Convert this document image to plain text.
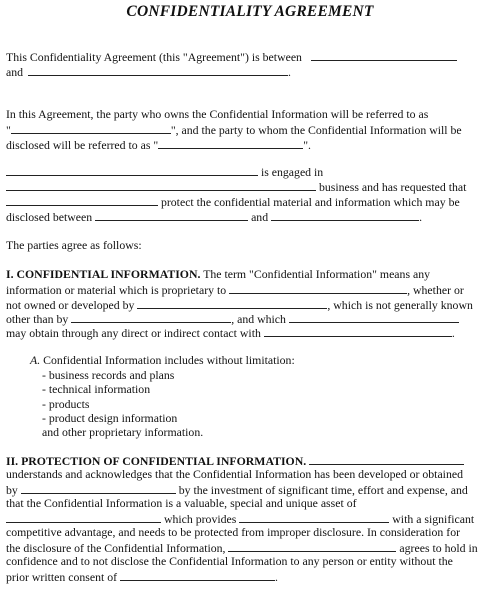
CONFIDENTIALITY AGREEMENT
This Confidentiality Agreement (this "Agreement") is between
and	.
In this Agreement, the party who owns the Confidential Information will be referred to as
"	", and the party to whom the Confidential Information will be
disclosed will be referred to as "	".
is engaged in
business and has requested that
protect the confidential material and information which may be
disclosed between	and	.
The parties agree as follows:
I. CONFIDENTIAL INFORMATION. The term "Confidential Information" means any
information or material which is proprietary to	, whether or
not owned or developed by	, which is not generally known
other than by	, and which
may obtain through any direct or indirect contact with	.
A. Confidential Information includes without limitation:
- business records and plans
- technical information
- products
- product design information
and other proprietary information.
II. PROTECTION OF CONFIDENTIAL INFORMATION.
understands and acknowledges that the Confidential Information has been developed or obtained
by	by the investment of significant time, effort and expense, and
that the Confidential Information is a valuable, special and unique asset of
which provides	with a significant
competitive advantage, and needs to be protected from improper disclosure. In consideration for
the disclosure of the Confidential Information,	agrees to hold in
confidence and to not disclose the Confidential Information to any person or entity without the
prior written consent of	.
